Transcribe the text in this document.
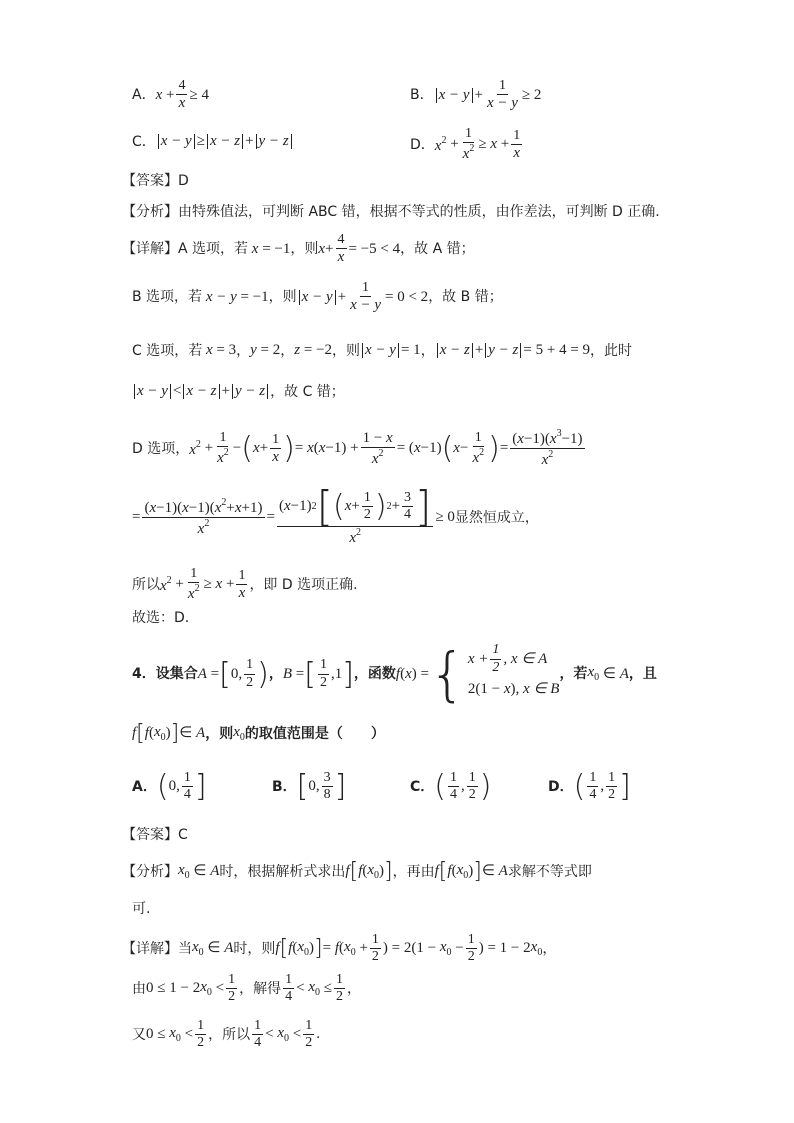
A． $x + \frac{4}{x} \ge 4$	B． $x - y + \frac{1}{x - y} \ge 2$
C． x − y ≥ x − z + y − z	D． $x^2 + \frac{1}{x^2} \ge x + \frac{1}{x}$
【答案】 D
【分析】 由特殊值法，可判断 ABC 错，根据不等式的性质，由作差法，可判断 D 正确.
【详解】 A 选项，若 x = −1 ，则 $x + \frac{4}{x} = -5 < 4$ ，故 A 错；
B 选项，若 x − y = −1 ，则 $x - y + \frac{1}{x - y} = 0 < 2$ ，故 B 错；
C 选项，若 x = 3 ， y = 2 ， z = −2 ，则 x − y = 1 ， x − z + y − z = 5 + 4 = 9 ，此时
x − y < x − z + y − z ，故 C 错；
D 选项， $x^2 + \frac{1}{x^2}$ − ( $x + \frac{1}{x}$ ) = x ( $x -1) + \frac{1 - x}{x^2}$ = ( x −1) ( $x - \frac{1}{x^2}$ ) = $\frac{(x-1)(x^3-1)}{x^2}$
= $\frac{(x-1)(x-1)(x^2+x+1)}{x^2} = \frac{( x -1) 2 [ ( x + \frac{1}{2} ) 2 + \frac{3}{4} ]}{x^2} \ge 0$ 显然恒成立，
所以 $x^2 + \frac{1}{x^2} \ge x + \frac{1}{x}$ ，即 D 选项正确.
故选：D.
4． 设集合 A = [ 0, $\frac{1}{2}$ ) ， B = [ $\frac{1}{2} ,1$ ] ，函数 f ( x ) = { $x + \frac{1}{2}$ , x ∈ A
2(1 −
x ),
x ∈ B
，若 $x_0$ ∈ A ，且
f [ f ( $x_0$ ) ] ∈ A ，则 $x_0$ 的取值范围是（　　）
A． ( 0, $\frac{1}{4}$ ]	B． [ 0, $\frac{3}{8}$ ]	C． ( $\frac{1}{4}$ , $\frac{1}{2}$ )	D． ( $\frac{1}{4}$ , $\frac{1}{2}$ ]
【答案】 C
【分析】 $x_0$ ∈ A 时，根据解析式求出 f [ f ( $x_0$ ) ] ，再由 f [ f ( $x_0$ ) ] ∈ A 求解不等式即
可.
【详解】 当 $x_0$ ∈ A 时，则 f [ f ( $x_0$ ) ] = f ( $x_0 + \frac{1}{2}$ ) = $2(1 - x_0 - \frac{1}{2}$ ) = 1 − 2 $x_0$ ，
由 0 ≤ 1 − 2 $x_0 < \frac{1}{2}$ ，解得 $\frac{1}{4} < x_0 \le \frac{1}{2}$ ，
又 $0 \le x_0 < \frac{1}{2}$ ，所以 $\frac{1}{4} < x_0 < \frac{1}{2}$ .
